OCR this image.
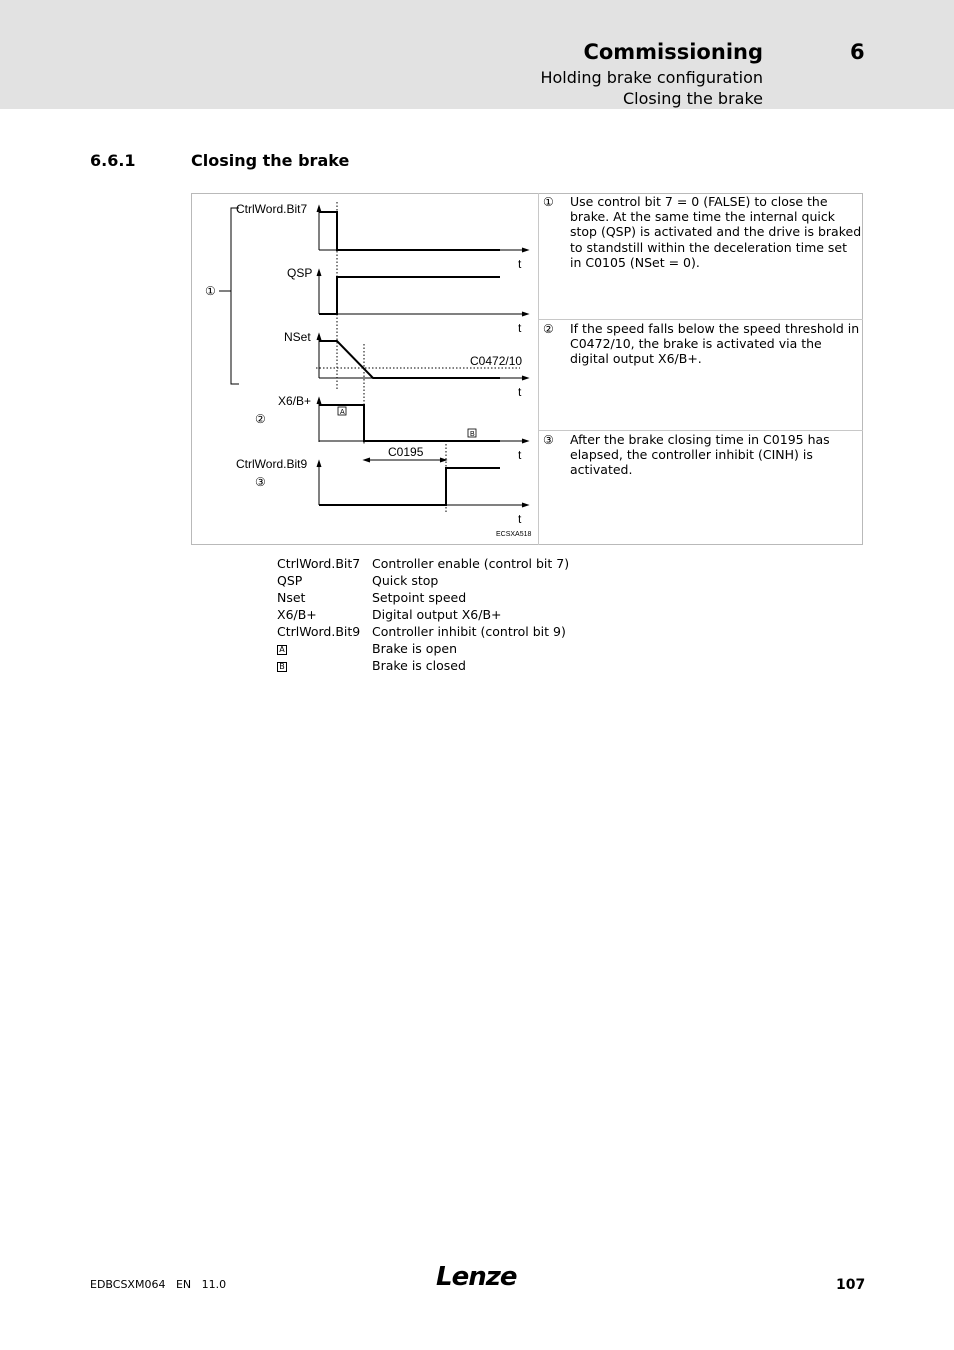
Commissioning	6
Holding brake configuration
Closing the brake
6.6.1	Closing the brake
①
CtrlWord.Bit7
t
QSP
t
NSet
C0472/10
t
X6/B+
②	A
B
t
C0195
CtrlWord.Bit9
③
t
ECSXA518
① Use control bit 7 = 0 (FALSE) to close the brake. At the same time the internal quick stop (QSP) is activated and the drive is braked to standstill within the deceleration time set in C0105 (NSet = 0).
② If the speed falls below the speed threshold in C0472/10, the brake is activated via the digital output X6/B+.
③ After the brake closing time in C0195 has elapsed, the controller inhibit (CINH) is activated.
CtrlWord.Bit7 Controller enable (control bit 7)
QSP	Quick stop
Nset	Setpoint speed
X6/B+	Digital output X6/B+
CtrlWord.Bit9 Controller inhibit (control bit 9)
A	Brake is open
B	Brake is closed
EDBCSXM064   EN   11.0	Lenze	107
